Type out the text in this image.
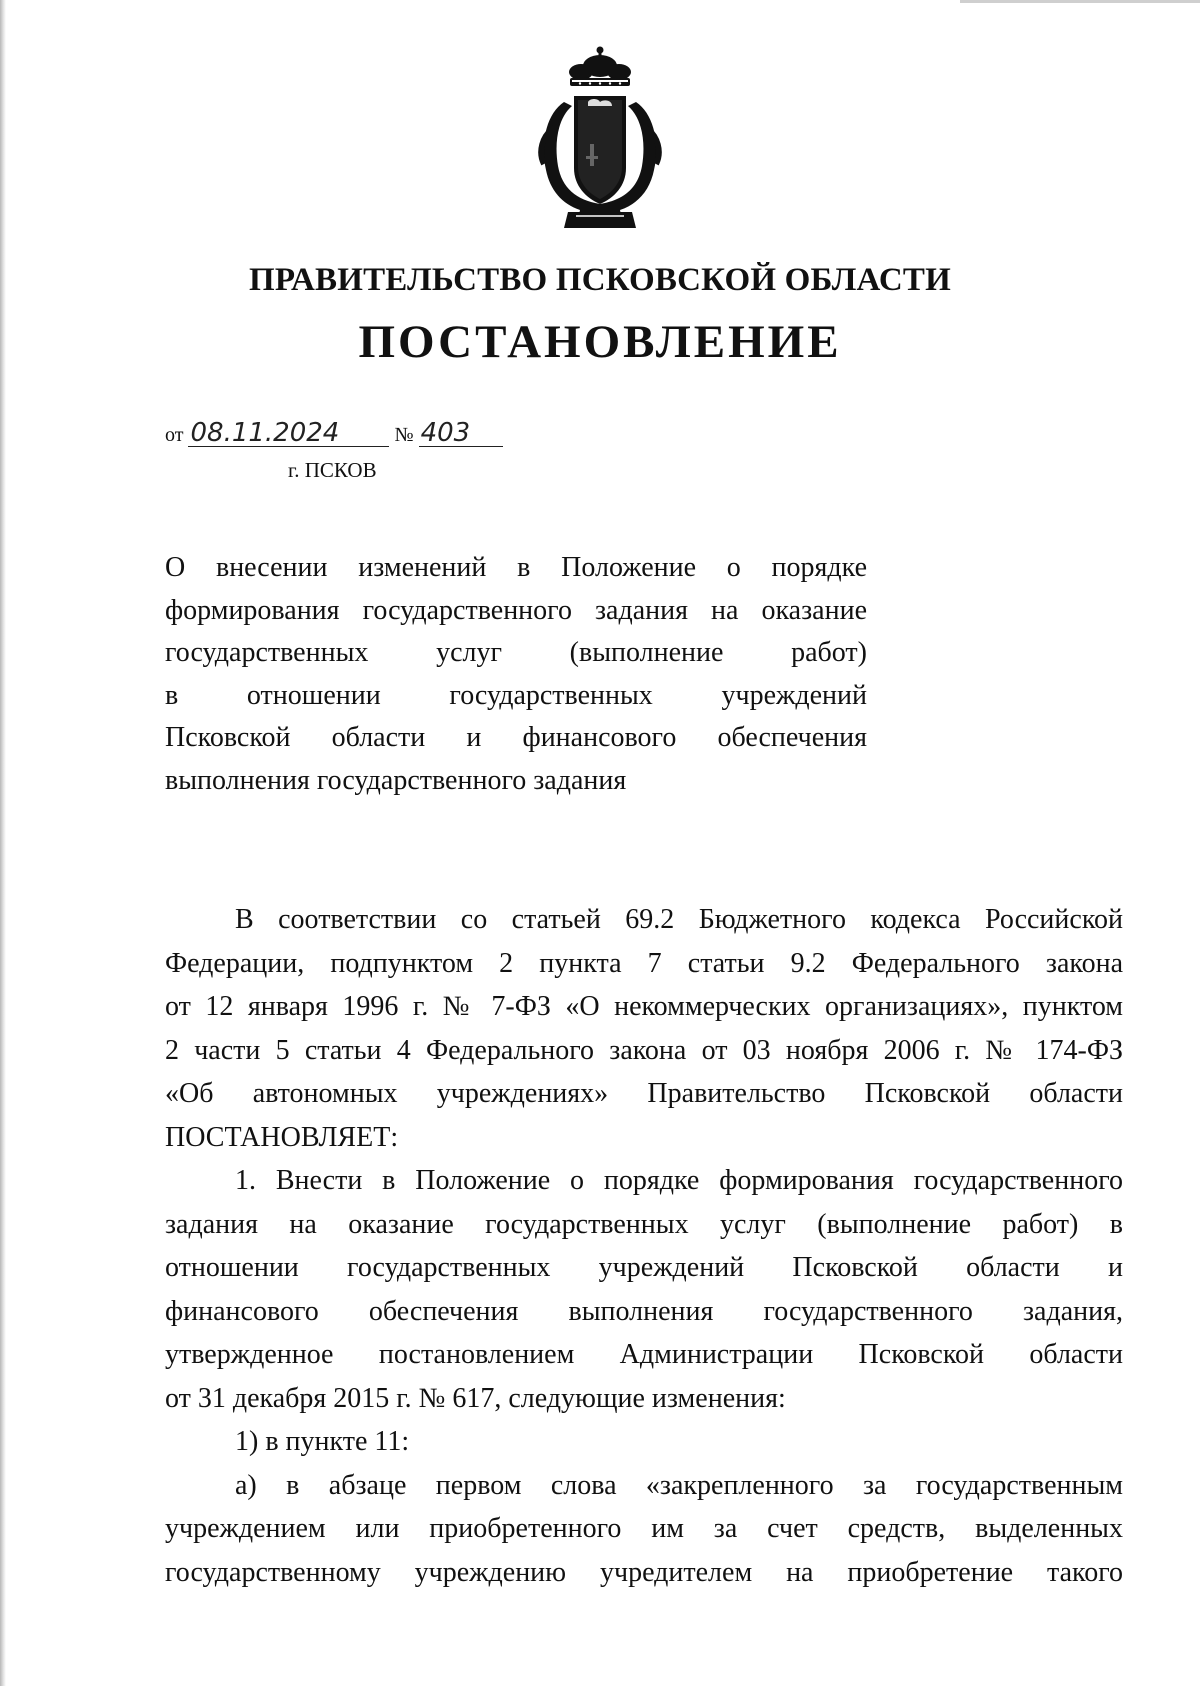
ПРАВИТЕЛЬСТВО ПСКОВСКОЙ ОБЛАСТИ
ПОСТАНОВЛЕНИЕ
от 08.11.2024	№ 403
г. ПСКОВ
О внесении изменений в Положение о порядке
формирования государственного задания на оказание
государственных услуг (выполнение работ)
в отношении государственных учреждений
Псковской области и финансового обеспечения
выполнения государственного задания
В соответствии со статьей 69.2 Бюджетного кодекса Российской
Федерации, подпунктом 2 пункта 7 статьи 9.2 Федерального закона
от 12 января 1996 г. № 7-ФЗ «О некоммерческих организациях», пунктом
2 части 5 статьи 4 Федерального закона от 03 ноября 2006 г. № 174-ФЗ
«Об автономных учреждениях» Правительство Псковской области
ПОСТАНОВЛЯЕТ:
1. Внести в Положение о порядке формирования государственного
задания на оказание государственных услуг (выполнение работ) в
отношении государственных учреждений Псковской области и
финансового обеспечения выполнения государственного задания,
утвержденное постановлением Администрации Псковской области
от 31 декабря 2015 г. № 617, следующие изменения:
1) в пункте 11:
а) в абзаце первом слова «закрепленного за государственным
учреждением или приобретенного им за счет средств, выделенных
государственному учреждению учредителем на приобретение такого
